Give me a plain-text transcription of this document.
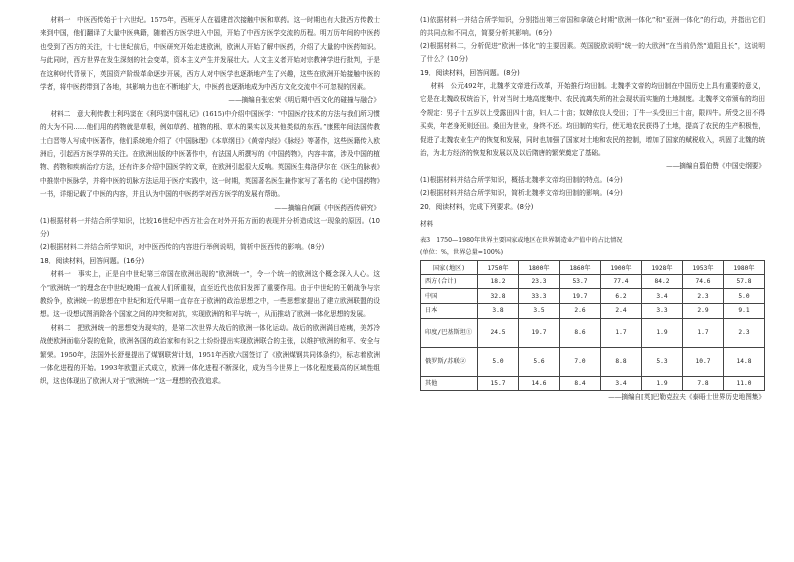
材料一　中医西传始于十六世纪。1575年，西班牙人在福建首次接触中医和草药。这一时期也有大批西方传教士来到中国，他们翻译了大量中医典籍，随着西方医学进入中国，开始了中西方医学交流的历程。明万历年间的中医药也受到了西方的关注，十七世纪前后，中医研究开始走进欧洲，欧洲人开始了解中医药，介绍了大量的中医药知识。与此同时，西方世界在发生深刻的社会变革，资本主义产生并发展壮大。人文主义者开始对宗教神学进行批判，于是在这种时代背景下，英国资产阶级革命逐步开展，西方人对中医学也逐渐地产生了兴趣，这些在欧洲开始接触中医的学者，将中医药带到了各地，其影响力也在不断地扩大，中医药也逐渐地成为中西方文化交流中不可忽视的因素。

——摘编自张宏荣《明后期中西文化的碰撞与融合》

材料二　意大利传教士利玛窦在《利玛窦中国札记》(1615)中介绍中国医学：“中国医疗技术的方法与我们所习惯的大为不同……他们用的药物就是草根，例如草药、植物的根、草木的果实以及其他类似的东西。”康熙年间法国传教士白晋等人写成中医著作，他们系统地介绍了《中国脉理》《本草纲目》《黄帝内经》《脉经》等著作，这些医籍传入欧洲后，引起西方医学界的关注。在欧洲出版的中医著作中，有法国人所撰写的《中国药物》，内容丰富，涉及中国的植物、药物和疾病治疗方法，还有许多介绍中国医学的文章，在欧洲引起很大反响。英国医生弗洛伊尔在《医生的脉表》中推崇中医脉学，并将中医的切脉方法运用于医疗实践中，这一时期，英国著名医生兼作家写了著名的《论中国药物》一书，详细记载了中医的内容，并且认为中国的中医药学对西方医学的发展有帮助。

——摘编自何颖《中医药西传研究》

(1)根据材料一并结合所学知识，比较16世纪中西方社会在对外开拓方面的表现并分析造成这一现象的原因。(10分)

(2)根据材料二并结合所学知识，对中医西传的内容进行举例说明，简析中医西传的影响。(8分)

18．阅读材料，回答问题。(16分)

材料一　事实上，正是自中世纪第三帝国在欧洲出现的“欧洲统一”，令一个统一的欧洲这个概念深入人心。这个“欧洲统一”的理念在中世纪晚期一直被人们所重视，直至近代也依旧发挥了重要作用。由于中世纪的王朝战争与宗教纷争，欧洲统一的思想在中世纪和近代早期一直存在于欧洲的政治思想之中，一些思想家提出了建立欧洲联盟的设想。这一设想试图消除各个国家之间的冲突和对抗，实现欧洲的和平与统一，从而推动了欧洲一体化思想的发展。

材料二　把欧洲统一的思想变为现实的，是第二次世界大战后的欧洲一体化运动。战后的欧洲满目疮痍，美苏冷战使欧洲面临分裂的危险，欧洲各国的政治家和有识之士纷纷提出实现欧洲联合的主张，以维护欧洲的和平、安全与繁荣。1950年，法国外长舒曼提出了煤钢联营计划，1951年西欧六国签订了《欧洲煤钢共同体条约》，标志着欧洲一体化进程的开始。1993年欧盟正式成立，欧洲一体化进程不断深化，成为当今世界上一体化程度最高的区域性组织，这也体现出了欧洲人对于“欧洲统一”这一理想的孜孜追求。

(1)依据材料一并结合所学知识，分别指出第三帝国和拿破仑时期“欧洲一体化”和“亚洲一体化”的行动，并指出它们的共同点和不同点，简要分析其影响。(6分)

(2)根据材料二，分析促进“欧洲一体化”的主要因素。英国脱欧说明“统一的大欧洲”在当前仍然“道阻且长”，这说明了什么？(10分)

19．阅读材料，回答问题。(8分)

材料　公元492年，北魏孝文帝进行改革，开始推行均田制。北魏孝文帝的均田制在中国历史上具有重要的意义，它是在北魏政权统治下，针对当时土地高度集中、农民流离失所的社会现状而实施的土地制度。北魏孝文帝颁布的均田令规定：男子十五岁以上受露田四十亩，妇人二十亩；奴婢依良人受田；丁牛一头受田三十亩，限四牛。所受之田不得买卖，年老身死则还田。桑田为世业，身终不还。均田制的实行，使无地农民获得了土地，提高了农民的生产积极性，促进了北魏农业生产的恢复和发展，同时也加强了国家对土地和农民的控制，增加了国家的赋税收入，巩固了北魏的统治，为北方经济的恢复和发展以及以后隋唐的繁荣奠定了基础。

——摘编自翦伯赞《中国史纲要》

(1)根据材料并结合所学知识，概括北魏孝文帝均田制的特点。(4分)

(2)根据材料并结合所学知识，简析北魏孝文帝均田制的影响。(4分)

20．阅读材料，完成下列要求。(8分)

材料

表3　1750—1980年世界主要国家或地区在世界制造业产值中的占比情况

(单位：%，世界总量=100%)

国家(地区)	1750年	1800年	1860年	1900年	1928年	1953年	1980年
西方(合计)	18.2	23.3	53.7	77.4	84.2	74.6	57.8
中国	32.8	33.3	19.7	6.2	3.4	2.3	5.0
日本	3.8	3.5	2.6	2.4	3.3	2.9	9.1
印度/巴基斯坦①	24.5	19.7	8.6	1.7	1.9	1.7	2.3
俄罗斯/苏联②	5.0	5.6	7.0	8.8	5.3	10.7	14.8
其他	15.7	14.6	8.4	3.4	1.9	7.8	11.0

——摘编自[英]巴勒克拉夫《泰晤士世界历史地图集》
